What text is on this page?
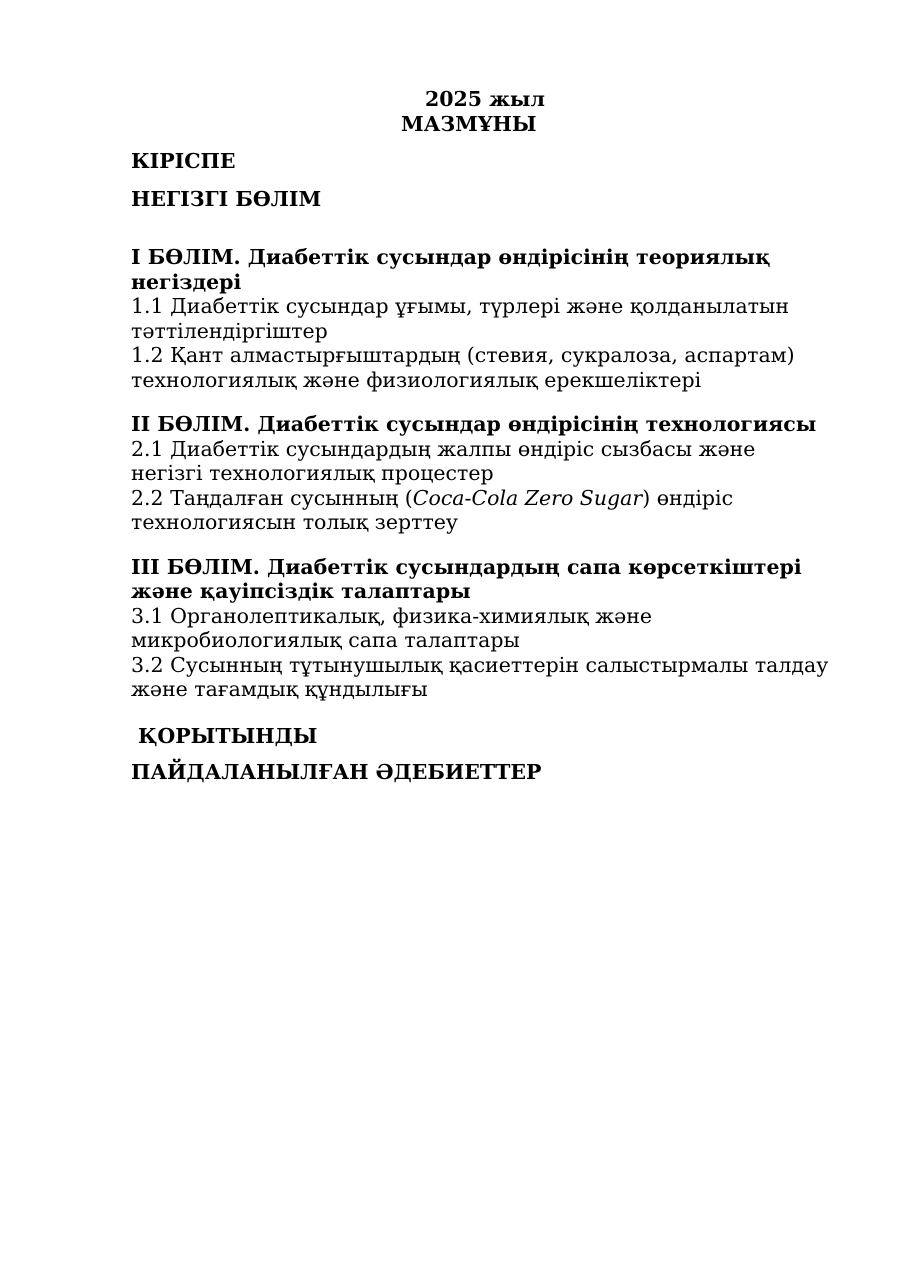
2025 жыл
МАЗМҰНЫ
КІРІСПЕ
НЕГІЗГІ БӨЛІМ
І БӨЛІМ. Диабеттік сусындар өндірісінің теориялық негіздері
1.1 Диабеттік сусындар ұғымы, түрлері және қолданылатын тәттілендіргіштер
1.2 Қант алмастырғыштардың (стевия, сукралоза, аспартам) технологиялық және физиологиялық ерекшеліктері
ІІ БӨЛІМ. Диабеттік сусындар өндірісінің технологиясы
2.1 Диабеттік сусындардың жалпы өндіріс сызбасы және негізгі технологиялық процестер
2.2 Таңдалған сусынның (Coca-Cola Zero Sugar) өндіріс технологиясын толық зерттеу
ІІІ БӨЛІМ. Диабеттік сусындардың сапа көрсеткіштері және қауіпсіздік талаптары
3.1 Органолептикалық, физика-химиялық және микробиологиялық сапа талаптары
3.2 Сусынның тұтынушылық қасиеттерін салыстырмалы талдау және тағамдық құндылығы
ҚОРЫТЫНДЫ
ПАЙДАЛАНЫЛҒАН ӘДЕБИЕТТЕР
